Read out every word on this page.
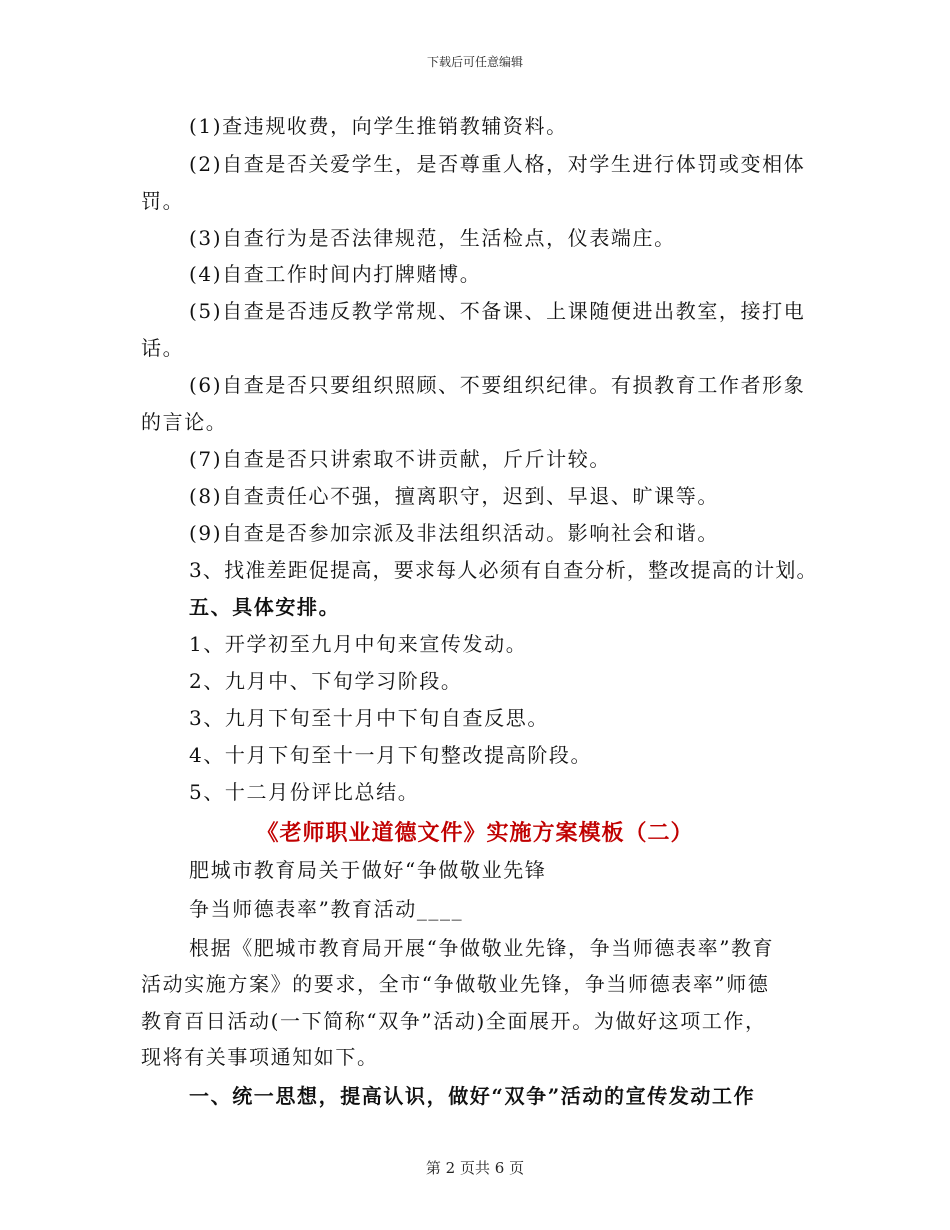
下载后可任意编辑
(1)查违规收费，向学生推销教辅资料。
(2)自查是否关爱学生，是否尊重人格，对学生进行体罚或变相体
罚。
(3)自查行为是否法律规范，生活检点，仪表端庄。
(4)自查工作时间内打牌赌博。
(5)自查是否违反教学常规、不备课、上课随便进出教室，接打电
话。
(6)自查是否只要组织照顾、不要组织纪律。有损教育工作者形象
的言论。
(7)自查是否只讲索取不讲贡献，斤斤计较。
(8)自查责任心不强，擅离职守，迟到、早退、旷课等。
(9)自查是否参加宗派及非法组织活动。影响社会和谐。
3、找准差距促提高，要求每人必须有自查分析，整改提高的计划。
五、具体安排。
1、开学初至九月中旬来宣传发动。
2、九月中、下旬学习阶段。
3、九月下旬至十月中下旬自查反思。
4、十月下旬至十一月下旬整改提高阶段。
5、十二月份评比总结。
《老师职业道德文件》实施方案模板（二）
肥城市教育局关于做好“争做敬业先锋
争当师德表率”教育活动____
根据《肥城市教育局开展“争做敬业先锋，争当师德表率”教育
活动实施方案》的要求，全市“争做敬业先锋，争当师德表率”师德
教育百日活动(一下简称“双争”活动)全面展开。为做好这项工作，
现将有关事项通知如下。
一、统一思想，提高认识，做好“双争”活动的宣传发动工作
第 2 页共 6 页
